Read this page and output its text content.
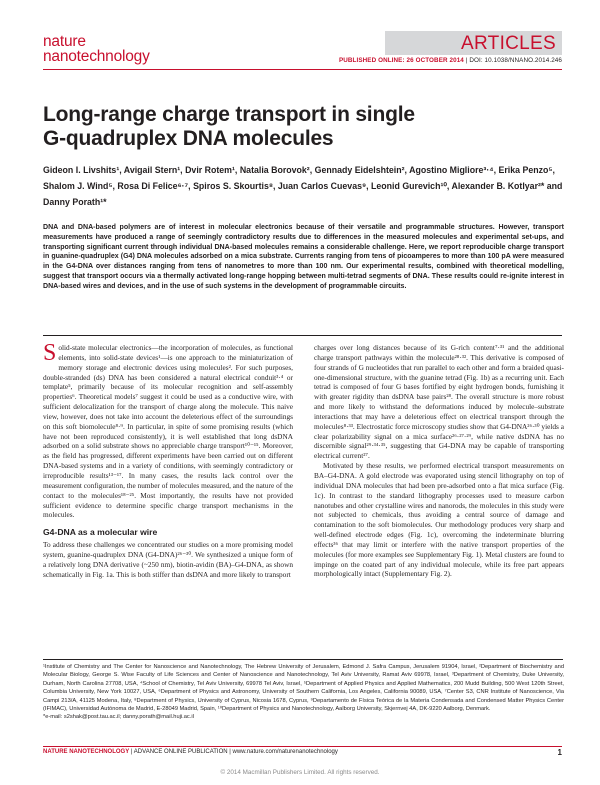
nature
nanotechnology
ARTICLES
PUBLISHED ONLINE: 26 OCTOBER 2014 | DOI: 10.1038/NNANO.2014.246
Long-range charge transport in single G-quadruplex DNA molecules
Gideon I. Livshits¹, Avigail Stern¹, Dvir Rotem¹, Natalia Borovok², Gennady Eidelshtein², Agostino Migliore³·⁴, Erika Penzo⁵, Shalom J. Wind⁵, Rosa Di Felice⁶·⁷, Spiros S. Skourtis⁸, Juan Carlos Cuevas⁹, Leonid Gurevich¹⁰, Alexander B. Kotlyar²* and Danny Porath¹*
DNA and DNA-based polymers are of interest in molecular electronics because of their versatile and programmable structures. However, transport measurements have produced a range of seemingly contradictory results due to differences in the measured molecules and experimental set-ups, and transporting significant current through individual DNA-based molecules remains a considerable challenge. Here, we report reproducible charge transport in guanine-quadruplex (G4) DNA molecules adsorbed on a mica substrate. Currents ranging from tens of picoamperes to more than 100 pA were measured in the G4-DNA over distances ranging from tens of nanometres to more than 100 nm. Our experimental results, combined with theoretical modelling, suggest that transport occurs via a thermally activated long-range hopping between multi-tetrad segments of DNA. These results could re-ignite interest in DNA-based wires and devices, and in the use of such systems in the development of programmable circuits.

Solid-state molecular electronics—the incorporation of molecules, as functional elements, into solid-state devices¹—is one approach to the miniaturization of memory storage and electronic devices using molecules². For such purposes, double-stranded (ds) DNA has been considered a natural electrical conduit³·⁴ or template⁵, primarily because of its molecular recognition and self-assembly properties⁶. Theoretical models⁷ suggest it could be used as a conductive wire, with sufficient delocalization for the transport of charge along the molecule. This naive view, however, does not take into account the deleterious effect of the surroundings on this soft biomolecule⁸·⁹. In particular, in spite of some promising results (which have not been reproduced consistently), it is well established that long dsDNA adsorbed on a solid substrate shows no appreciable charge transport¹⁰⁻¹⁵. Moreover, as the field has progressed, different experiments have been carried out on different DNA-based systems and in a variety of conditions, with seemingly contradictory or irreproducible results¹³⁻¹⁷. In many cases, the results lack control over the measurement configuration, the number of molecules measured, and the nature of the contact to the molecules¹⁸⁻²⁵. Most importantly, the results have not provided sufficient evidence to determine specific charge transport mechanisms in the molecules.

G4-DNA as a molecular wire

To address these challenges we concentrated our studies on a more promising model system, guanine-quadruplex DNA (G4-DNA)²⁶⁻³⁰. We synthesized a unique form of a relatively long DNA derivative (~250 nm), biotin-avidin (BA)–G4-DNA, as shown schematically in Fig. 1a. This is both stiffer than dsDNA and more likely to transport

charges over long distances because of its G-rich content⁷·³¹ and the additional charge transport pathways within the molecule²⁸·³². This derivative is composed of four strands of G nucleotides that run parallel to each other and form a braided quasi-one-dimensional structure, with the guanine tetrad (Fig. 1b) as a recurring unit. Each tetrad is composed of four G bases fortified by eight hydrogen bonds, furnishing it with greater rigidity than dsDNA base pairs²⁸. The overall structure is more robust and more likely to withstand the deformations induced by molecule–substrate interactions that may have a deleterious effect on electrical transport through the molecules⁸·³³. Electrostatic force microscopy studies show that G4-DNA²⁶·³⁰ yields a clear polarizability signal on a mica surface²⁶·²⁷·²⁹, while native dsDNA has no discernible signal²⁹·³⁴·³⁵, suggesting that G4-DNA may be capable of transporting electrical current²⁷.

Motivated by these results, we performed electrical transport measurements on BA–G4-DNA. A gold electrode was evaporated using stencil lithography on top of individual DNA molecules that had been pre-adsorbed onto a flat mica surface (Fig. 1c). In contrast to the standard lithography processes used to measure carbon nanotubes and other crystalline wires and nanorods, the molecules in this study were not subjected to chemicals, thus avoiding a central source of damage and contamination to the soft biomolecules. Our methodology produces very sharp and well-defined electrode edges (Fig. 1c), overcoming the indeterminate blurring effects³⁶ that may limit or interfere with the native transport properties of the molecules (for more examples see Supplementary Fig. 1). Metal clusters are found to impinge on the coated part of any individual molecule, while its free part appears morphologically intact (Supplementary Fig. 2).

¹Institute of Chemistry and The Center for Nanoscience and Nanotechnology, The Hebrew University of Jerusalem, Edmond J. Safra Campus, Jerusalem 91904, Israel, ²Department of Biochemistry and Molecular Biology, George S. Wise Faculty of Life Sciences and Center of Nanoscience and Nanotechnology, Tel Aviv University, Ramat Aviv 69978, Israel, ³Department of Chemistry, Duke University, Durham, North Carolina 27708, USA, ⁴School of Chemistry, Tel Aviv University, 69978 Tel Aviv, Israel, ⁵Department of Applied Physics and Applied Mathematics, 200 Mudd Building, 500 West 120th Street, Columbia University, New York 10027, USA, ⁶Department of Physics and Astronomy, University of Southern California, Los Angeles, California 90089, USA, ⁷Center S3, CNR Institute of Nanoscience, Via Campi 213/A, 41125 Modena, Italy, ⁸Department of Physics, University of Cyprus, Nicosia 1678, Cyprus, ⁹Departamento de Física Teórica de la Materia Condensada and Condensed Matter Physics Center (IFIMAC), Universidad Autónoma de Madrid, E-28049 Madrid, Spain, ¹⁰Department of Physics and Nanotechnology, Aalborg University, Skjernvej 4A, DK-9220 Aalborg, Denmark.
*e-mail: s2shak@post.tau.ac.il; danny.porath@mail.huji.ac.il
NATURE NANOTECHNOLOGY | ADVANCE ONLINE PUBLICATION | www.nature.com/naturenanotechnology	1
© 2014 Macmillan Publishers Limited. All rights reserved.
